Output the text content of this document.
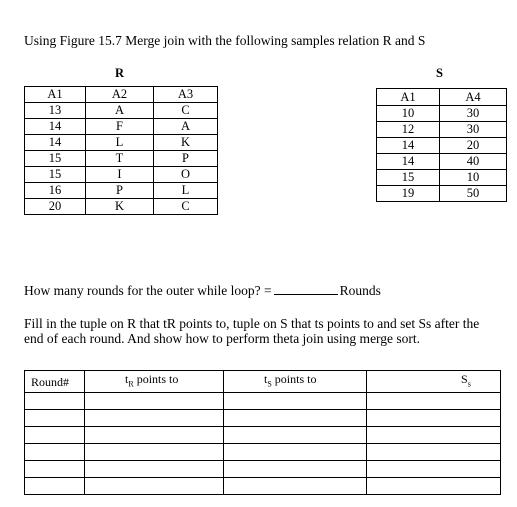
Using Figure 15.7 Merge join with the following samples relation R and S
R
A1	A2	A3
13	A	C
14	F	A
14	L	K
15	T	P
15	I	O
16	P	L
20	K	C
S
A1	A4
10	30
12	30
14	20
14	40
15	10
19	50
How many rounds for the outer while loop? =	Rounds
Fill in the tuple on R that tR points to, tuple on S that ts points to and set Ss after the
end of each round. And show how to perform theta join using merge sort.
Round#	$t_R$ points to	$t_S$ points to	$S_s$
